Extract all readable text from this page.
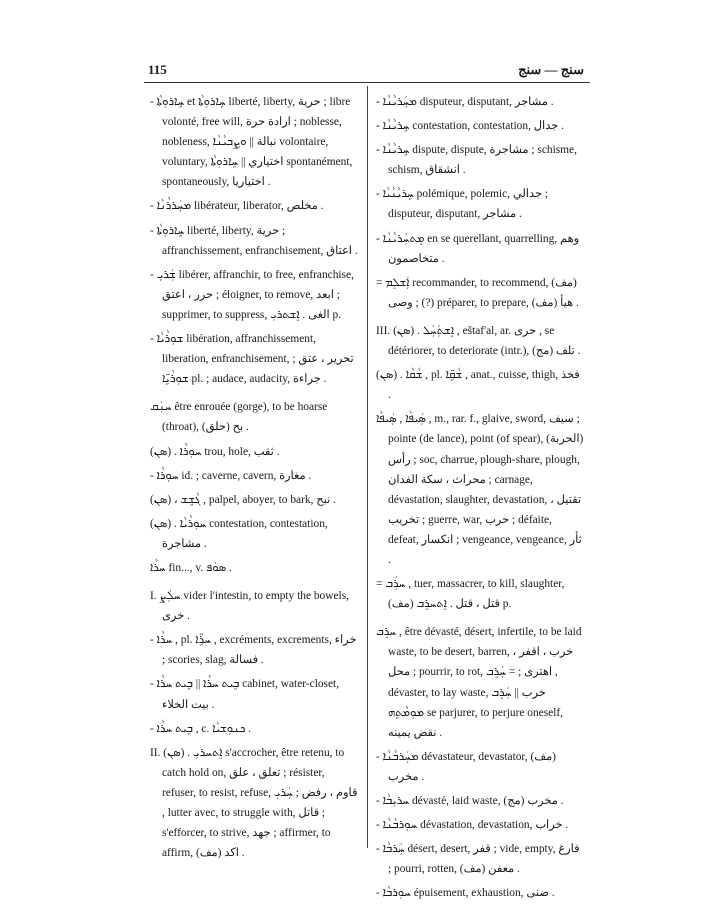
115	سنج — سنج

- ܚܹܐܪܘܼܬܵܐ et ܚܹܐܪܘܼܬܵܐ liberté, liberty, حرية ; libre volonté, free will, ارادة حرة ; noblesse, nobleness, نبالة || ܘܨܼܒܝܵܢܵܐ volontaire, voluntary, اختياري || ܚܹܐܪܘܼܬܵܐ spontanément, spontaneously, اختياريا .

- ܡܚܲܪܪܵܢܵܐ libérateur, liberator, مخلص .

- ܚܹܐܪܘܼܬܵܐ liberté, liberty, حرية ; affranchissement, enfranchisement, اعتاق .

- ܫܲܪܝܼ libérer, affranchir, to free, enfranchise, حرر ، اعتق ; éloigner, to remove, ابعد ; supprimer, to suppress, الغى . ܐܸܫܬܪܝܼ p.

- ܫܘܼܪܵܝܵܐ libération, affranchissement, liberation, enfranchisement, تحرير ، عتق ; ܫܘܼܪܵܝܹ̈ܐ pl. ; audace, audacity, جراءة .

ܚܢܲܩ être enrouée (gorge), to be hoarse (throat), بح (حلق) .

(ܣܢ) . ܚܘܼܪܵܐ trou, hole, ثقب .

- ܚܘܼܪܵܐ id. ; caverne, cavern, مغارة .

(ܣܢ) ، ܓܵܫܹܫ , palpel, aboyer, to bark, نبح .

(ܣܢ) . ܚܘܼܪܵܝܵܐ contestation, contestation, مشاجرة .

ܚܪܵܐ fin..., v. ܣܘܿܦ .

I. ܚܠܲܨ vider l'intestin, to empty the bowels, خرى .

- ܚܪܵܐ , pl. ܚܪܹ̈ܐ , excréments, excrements, خراء ; scories, slag, فسالة .

- ܒܹܝܬ ܚܪܵܐ || ܒܹܝܬ ܚܪܵܐ cabinet, water-closet, بيت الخلاء .

- ܒܹܝܬ ܚܪܵܐ , c. ܟܢܘܼܫܝܵܐ .

II. (ܣܢ) . ܐܸܬܚܪܝܼ s'accrocher, être retenu, to catch hold on, تعلق ، علق ; résister, refuser, to resist, refuse, قاوم ، رفض ; ܚܲܪܝܼ , lutter avec, to struggle with, قاتل ; s'efforcer, to strive, جهد ; affirmer, to affirm, (مف) اكد .

- ܡܚܲܪܝܵܢܵܐ disputeur, disputant, مشاجر .

- ܚܹܪܝܵܢܵܐ contestation, contestation, جدال .

- ܚܹܪܝܵܢܵܐ dispute, dispute, مشاجرة ; schisme, schism, انشقاق .

- ܚܹܪܝܵܢܵܝܵܐ polémique, polemic, جدالي ; disputeur, disputant, مشاجر .

- ܡܸܬܚܲܪܝܵܢܵܐ en se querellant, quarrelling, وهم متخاصمون .

= ܐܲܫܠܸܡ recommander, to recommend, (مف) وصى ; (?) préparer, to prepare, (مف) هيأ .

III. (ܣܢ) . ܐܸܫܬܲܚܲܠ , eštaf'al, ar. حرى , se détériorer, to deteriorate (intr.), (مج) تلف .

(ܣܢ) . ܫܵܩܵܐ , pl. ܫܵܩܹ̈ܐ , anat., cuisse, thigh, فخذ .

ܣܲܝܦܵܐ , ܣܲܝܦܵܐ , m., rar. f., glaive, sword, سيف ; pointe (de lance), point (of spear), (الحربة) رأس ; soc, charrue, plough-share, plough, محراث ، سكة الفدان ; carnage, dévastation, slaughter, devastation, تقتيل ، تخريب ; guerre, war, حرب ; défaite, defeat, انكسار ; vengeance, vengeance, ثأر .

= ܚܪܲܒ , tuer, massacrer, to kill, slaughter, (مف) قتل ، قتل . ܐܸܬܚܪܸܒ p.

ܚܪܸܒ , être dévasté, désert, infertile, to be laid waste, to be desert, barren, خرب ، اقفر ، محل ; pourrir, to rot, اهترى ; = ܚܲܪܸܒ , dévaster, to lay waste, خرب || ܚܲܪܸܒ ܡܘܼܡܵܬܹܗ se parjurer, to perjure oneself, نقض يمينه .

- ܡܚܲܪܒܵܢܵܐ dévastateur, devastator, (مف) مخرب .

- ܚܪܝܼܒܵܐ dévasté, laid waste, (مج) مخرب .

- ܚܘܼܪܒܵܢܵܐ dévastation, devastation, خراب .

- ܚܲܪܒܵܐ désert, desert, قفر ; vide, empty, فارغ ; pourri, rotten, (مف) معفن .

- ܚܘܼܪܒܵܐ épuisement, exhaustion, ضنى .
